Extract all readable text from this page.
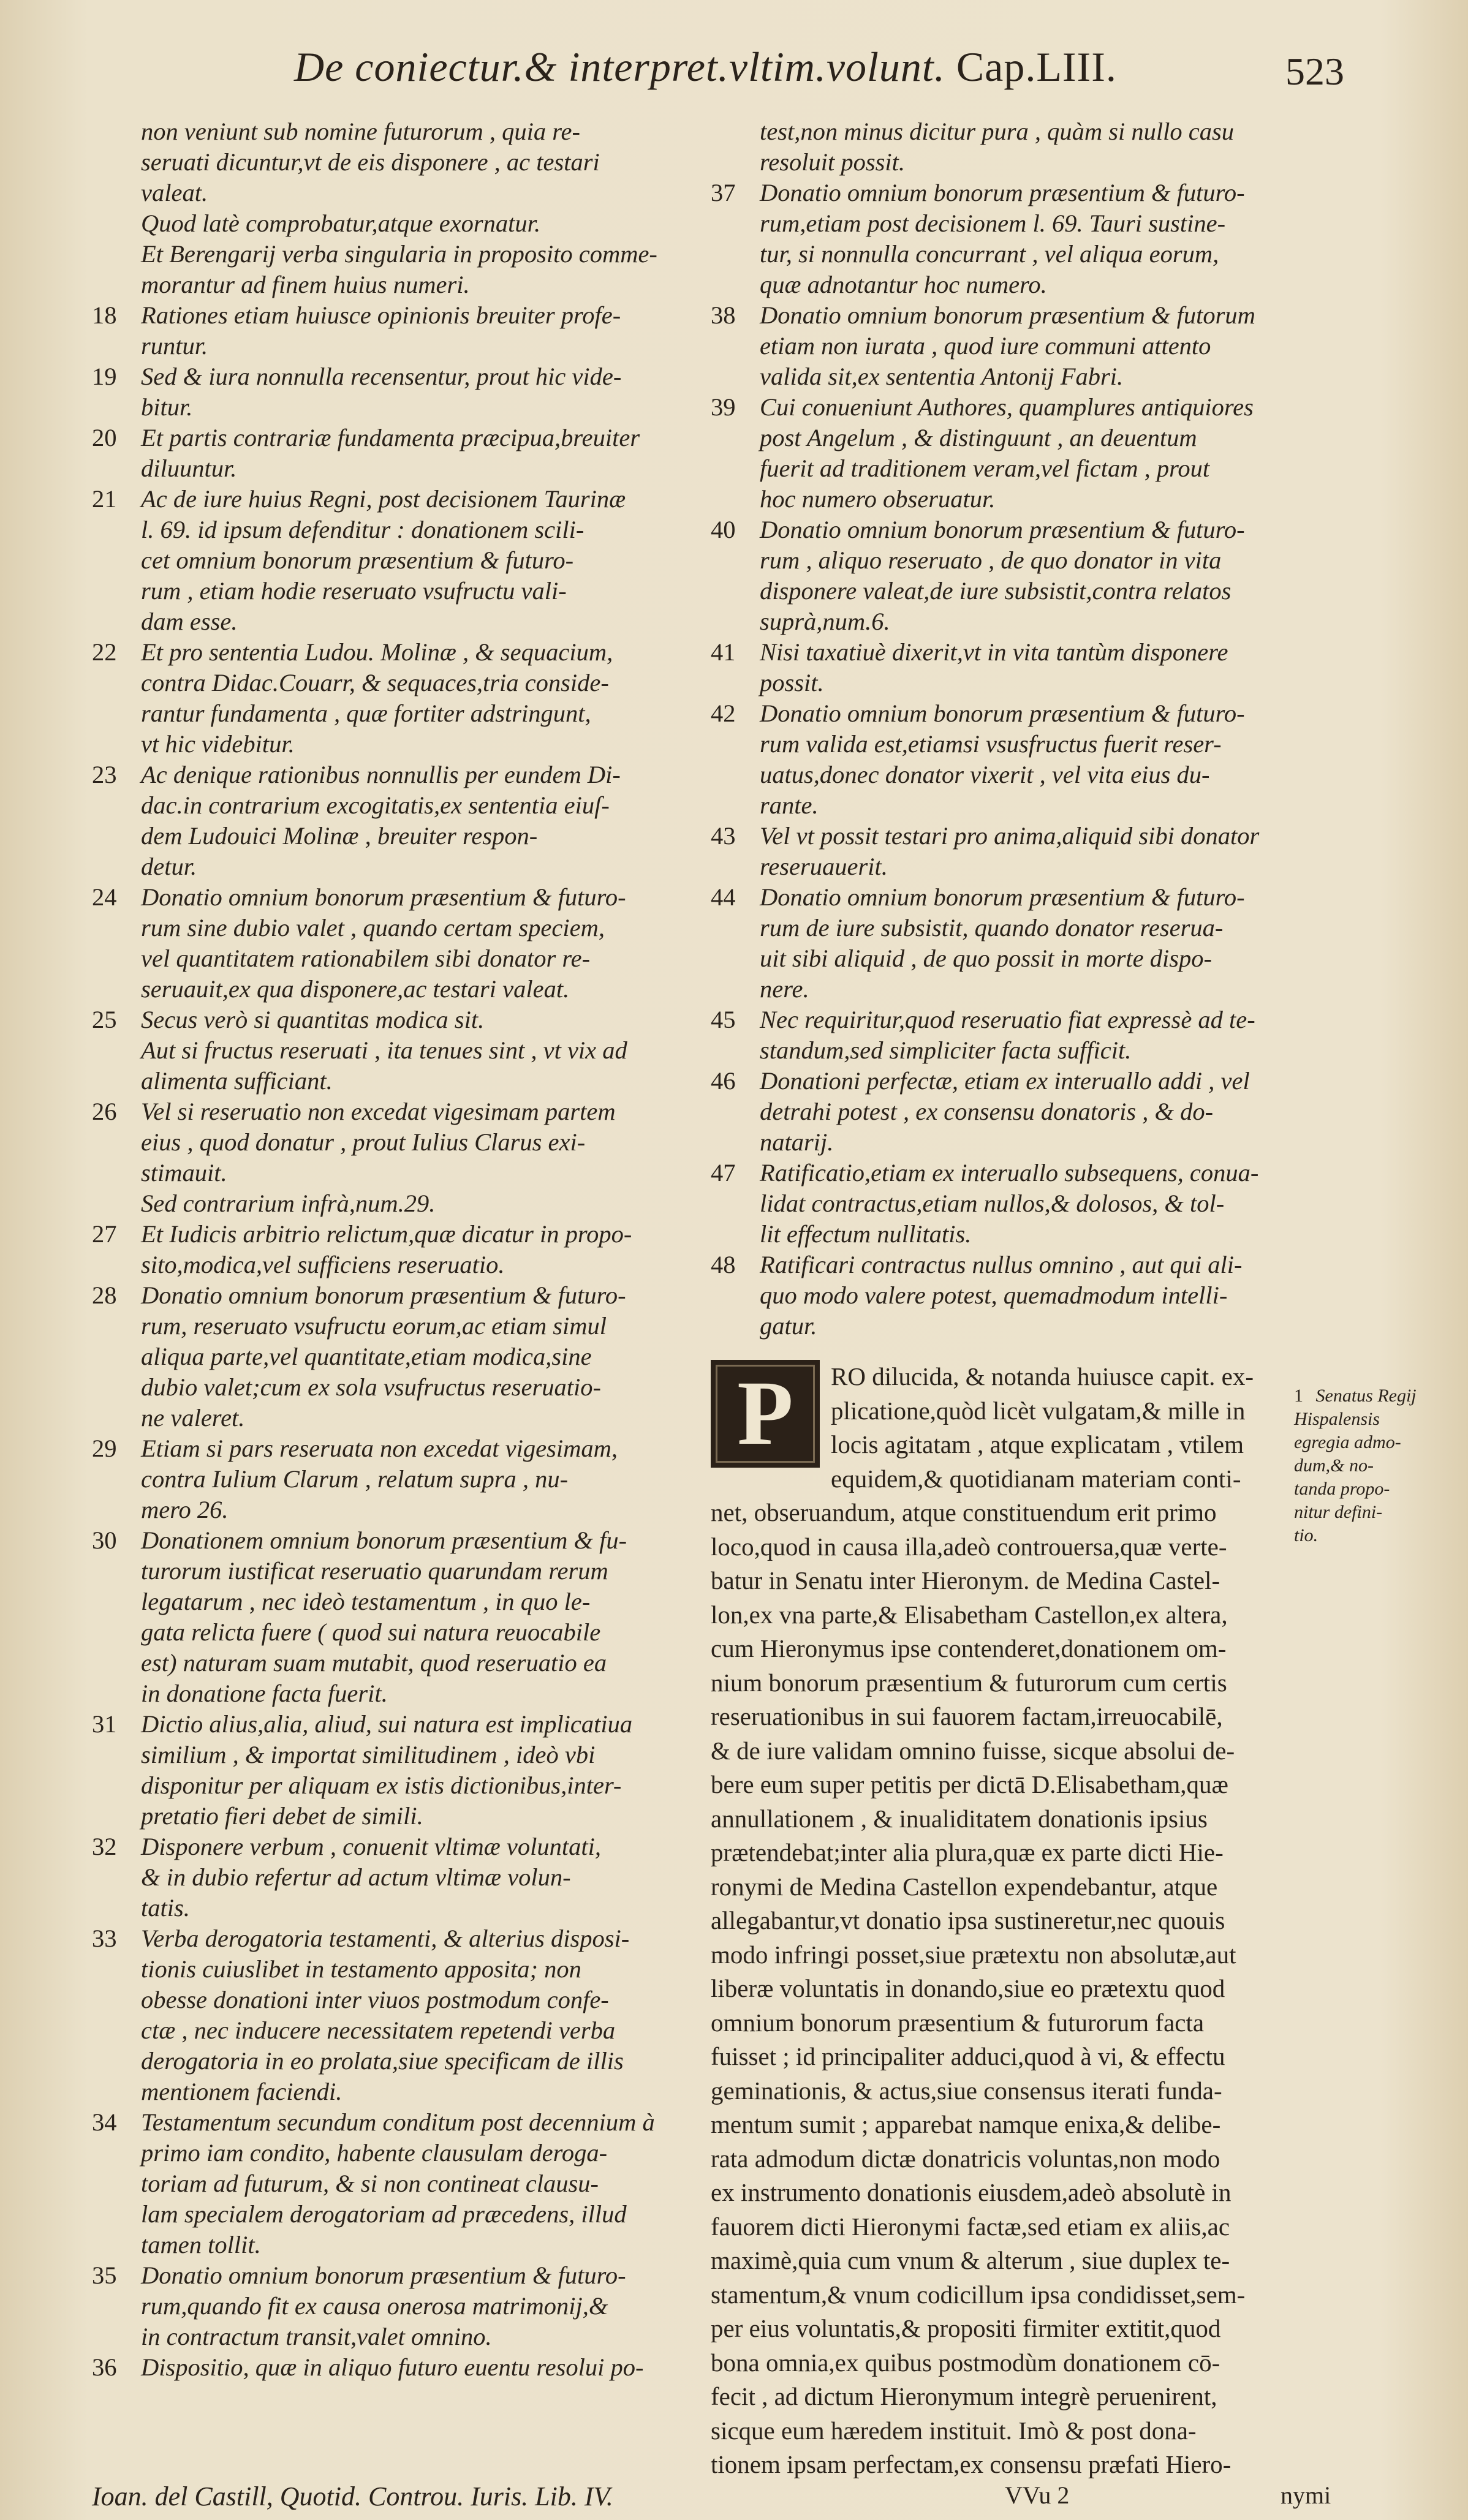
De coniectur.& interpret.vltim.volunt. Cap.LIII.	523
non veniunt sub nomine futurorum , quia re-
seruati dicuntur,vt de eis disponere , ac testari
valeat.
Quod latè comprobatur,atque exornatur.
Et Berengarij verba singularia in proposito comme-
morantur ad finem huius numeri.
18 Rationes etiam huiusce opinionis breuiter profe-
runtur.
19 Sed & iura nonnulla recensentur, prout hic vide-
bitur.
20 Et partis contrariæ fundamenta præcipua,breuiter
diluuntur.
21 Ac de iure huius Regni, post decisionem Taurinæ
l. 69. id ipsum defenditur : donationem scili-
cet omnium bonorum præsentium & futuro-
rum , etiam hodie reseruato vsufructu vali-
dam esse.
22 Et pro sententia Ludou. Molinæ , & sequacium,
contra Didac.Couarr, & sequaces,tria conside-
rantur fundamenta , quæ fortiter adstringunt,
vt hic videbitur.
23 Ac denique rationibus nonnullis per eundem Di-
dac.in contrarium excogitatis,ex sententia eiuſ-
dem Ludouici Molinæ , breuiter respon-
detur.
24 Donatio omnium bonorum præsentium & futuro-
rum sine dubio valet , quando certam speciem,
vel quantitatem rationabilem sibi donator re-
seruauit,ex qua disponere,ac testari valeat.
25 Secus verò si quantitas modica sit.
Aut si fructus reseruati , ita tenues sint , vt vix ad
alimenta sufficiant.
26 Vel si reseruatio non excedat vigesimam partem
eius , quod donatur , prout Iulius Clarus exi-
stimauit.
Sed contrarium infrà,num.29.
27 Et Iudicis arbitrio relictum,quæ dicatur in propo-
sito,modica,vel sufficiens reseruatio.
28 Donatio omnium bonorum præsentium & futuro-
rum, reseruato vsufructu eorum,ac etiam simul
aliqua parte,vel quantitate,etiam modica,sine
dubio valet;cum ex sola vsufructus reseruatio-
ne valeret.
29 Etiam si pars reseruata non excedat vigesimam,
contra Iulium Clarum , relatum supra , nu-
mero 26.
30 Donationem omnium bonorum præsentium & fu-
turorum iustificat reseruatio quarundam rerum
legatarum , nec ideò testamentum , in quo le-
gata relicta fuere ( quod sui natura reuocabile
est) naturam suam mutabit, quod reseruatio ea
in donatione facta fuerit.
31 Dictio alius,alia, aliud, sui natura est implicatiua
similium , & importat similitudinem , ideò vbi
disponitur per aliquam ex istis dictionibus,inter-
pretatio fieri debet de simili.
32 Disponere verbum , conuenit vltimæ voluntati,
& in dubio refertur ad actum vltimæ volun-
tatis.
33 Verba derogatoria testamenti, & alterius disposi-
tionis cuiuslibet in testamento apposita; non
obesse donationi inter viuos postmodum confe-
ctæ , nec inducere necessitatem repetendi verba
derogatoria in eo prolata,siue specificam de illis
mentionem faciendi.
34 Testamentum secundum conditum post decennium à
primo iam condito, habente clausulam deroga-
toriam ad futurum, & si non contineat clausu-
lam specialem derogatoriam ad præcedens, illud
tamen tollit.
35 Donatio omnium bonorum præsentium & futuro-
rum,quando fit ex causa onerosa matrimonij,&
in contractum transit,valet omnino.
36 Dispositio, quæ in aliquo futuro euentu resolui po-
test,non minus dicitur pura , quàm si nullo casu
resoluit possit.
37 Donatio omnium bonorum præsentium & futuro-
rum,etiam post decisionem l. 69. Tauri sustine-
tur, si nonnulla concurrant , vel aliqua eorum,
quæ adnotantur hoc numero.
38 Donatio omnium bonorum præsentium & futorum
etiam non iurata , quod iure communi attento
valida sit,ex sententia Antonij Fabri.
39 Cui conueniunt Authores, quamplures antiquiores
post Angelum , & distinguunt , an deuentum
fuerit ad traditionem veram,vel fictam , prout
hoc numero obseruatur.
40 Donatio omnium bonorum præsentium & futuro-
rum , aliquo reseruato , de quo donator in vita
disponere valeat,de iure subsistit,contra relatos
suprà,num.6.
41 Nisi taxatiuè dixerit,vt in vita tantùm disponere
possit.
42 Donatio omnium bonorum præsentium & futuro-
rum valida est,etiamsi vsusfructus fuerit reser-
uatus,donec donator vixerit , vel vita eius du-
rante.
43 Vel vt possit testari pro anima,aliquid sibi donator
reseruauerit.
44 Donatio omnium bonorum præsentium & futuro-
rum de iure subsistit, quando donator reserua-
uit sibi aliquid , de quo possit in morte dispo-
nere.
45 Nec requiritur,quod reseruatio fiat expressè ad te-
standum,sed simpliciter facta sufficit.
46 Donationi perfectæ, etiam ex interuallo addi , vel
detrahi potest , ex consensu donatoris , & do-
natarij.
47 Ratificatio,etiam ex interuallo subsequens, conua-
lidat contractus,etiam nullos,& dolosos, & tol-
lit effectum nullitatis.
48 Ratificari contractus nullus omnino , aut qui ali-
quo modo valere potest, quemadmodum intelli-
gatur.
P	RO dilucida, & notanda huiusce capit. ex-
plicatione,quòd licèt vulgatam,& mille in
locis agitatam , atque explicatam , vtilem
equidem,& quotidianam materiam conti-
net, obseruandum, atque constituendum erit primo
loco,quod in causa illa,adeò controuersa,quæ verte-
batur in Senatu inter Hieronym. de Medina Castel-
lon,ex vna parte,& Elisabetham Castellon,ex altera,
cum Hieronymus ipse contenderet,donationem om-
nium bonorum præsentium & futurorum cum certis
reseruationibus in sui fauorem factam,irreuocabilē,
& de iure validam omnino fuisse, sicque absolui de-
bere eum super petitis per dictā D.Elisabetham,quæ
annullationem , & inualiditatem donationis ipsius
prætendebat;inter alia plura,quæ ex parte dicti Hie-
ronymi de Medina Castellon expendebantur, atque
allegabantur,vt donatio ipsa sustineretur,nec quouis
modo infringi posset,siue prætextu non absolutæ,aut
liberæ voluntatis in donando,siue eo prætextu quod
omnium bonorum præsentium & futurorum facta
fuisset ; id principaliter adduci,quod à vi, & effectu
geminationis, & actus,siue consensus iterati funda-
mentum sumit ; apparebat namque enixa,& delibe-
rata admodum dictæ donatricis voluntas,non modo
ex instrumento donationis eiusdem,adeò absolutè in
fauorem dicti Hieronymi factæ,sed etiam ex aliis,ac
maximè,quia cum vnum & alterum , siue duplex te-
stamentum,& vnum codicillum ipsa condidisset,sem-
per eius voluntatis,& propositi firmiter extitit,quod
bona omnia,ex quibus postmodùm donationem cō-
fecit , ad dictum Hieronymum integrè peruenirent,
sicque eum hæredem instituit. Imò & post dona-
tionem ipsam perfectam,ex consensu præfati Hiero-
1 Senatus Regij
Hispalensis
egregia admo-
dum,& no-
tanda propo-
nitur defini-
tio.
Ioan. del Castill, Quotid. Controu. Iuris. Lib. IV.	VVu 2	nymi
